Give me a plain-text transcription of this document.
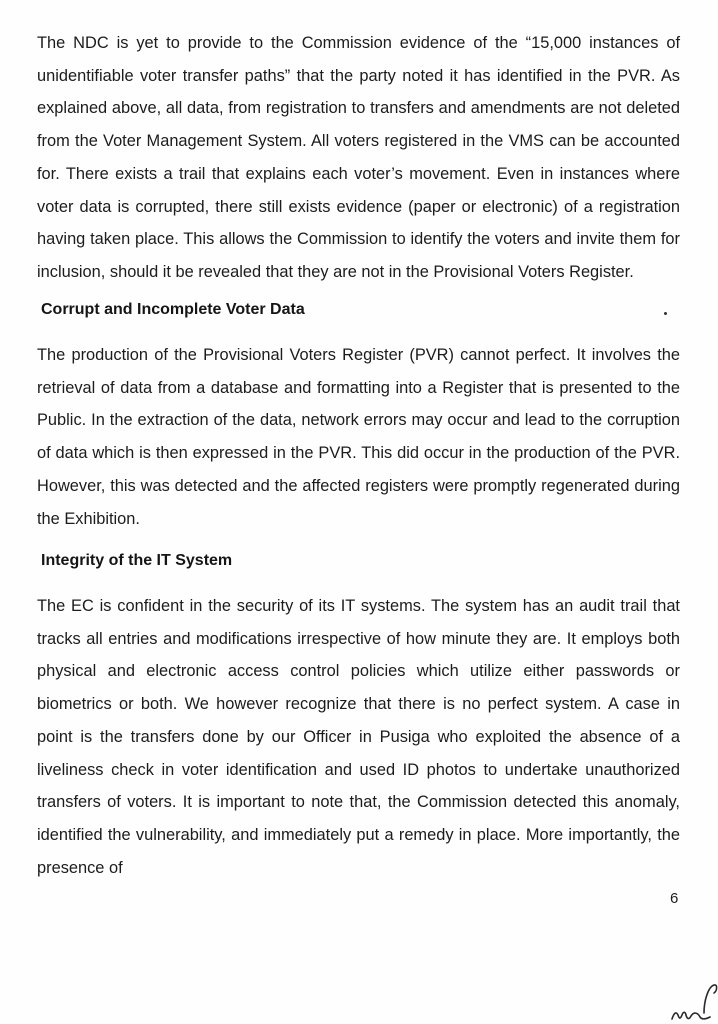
The NDC is yet to provide to the Commission evidence of the “15,000 instances of unidentifiable voter transfer paths” that the party noted it has identified in the PVR. As explained above, all data, from registration to transfers and amendments are not deleted from the Voter Management System. All voters registered in the VMS can be accounted for. There exists a trail that explains each voter’s movement. Even in instances where voter data is corrupted, there still exists evidence (paper or electronic) of a registration having taken place. This allows the Commission to identify the voters and invite them for inclusion, should it be revealed that they are not in the Provisional Voters Register.

Corrupt and Incomplete Voter Data

The production of the Provisional Voters Register (PVR) cannot perfect. It involves the retrieval of data from a database and formatting into a Register that is presented to the Public. In the extraction of the data, network errors may occur and lead to the corruption of data which is then expressed in the PVR. This did occur in the production of the PVR. However, this was detected and the affected registers were promptly regenerated during the Exhibition.

Integrity of the IT System

The EC is confident in the security of its IT systems. The system has an audit trail that tracks all entries and modifications irrespective of how minute they are. It employs both physical and electronic access control policies which utilize either passwords or biometrics or both. We however recognize that there is no perfect system. A case in point is the transfers done by our Officer in Pusiga who exploited the absence of a liveliness check in voter identification and used ID photos to undertake unauthorized transfers of voters. It is important to note that, the Commission detected this anomaly, identified the vulnerability, and immediately put a remedy in place. More importantly, the presence of

6
